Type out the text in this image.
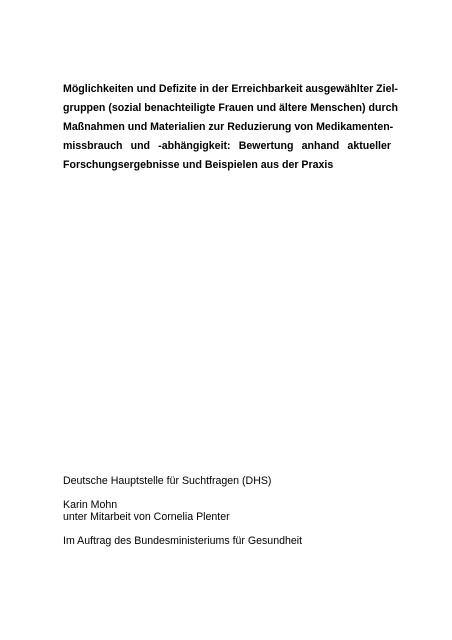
Möglichkeiten und Defizite in der Erreichbarkeit ausgewählter Ziel-

gruppen (sozial benachteiligte Frauen und ältere Menschen) durch

Maßnahmen und Materialien zur Reduzierung von Medikamenten-

missbrauch und -abhängigkeit: Bewertung anhand aktueller

Forschungsergebnisse und Beispielen aus der Praxis

Deutsche Hauptstelle für Suchtfragen (DHS)

Karin Mohn

unter Mitarbeit von Cornelia Plenter

Im Auftrag des Bundesministeriums für Gesundheit
